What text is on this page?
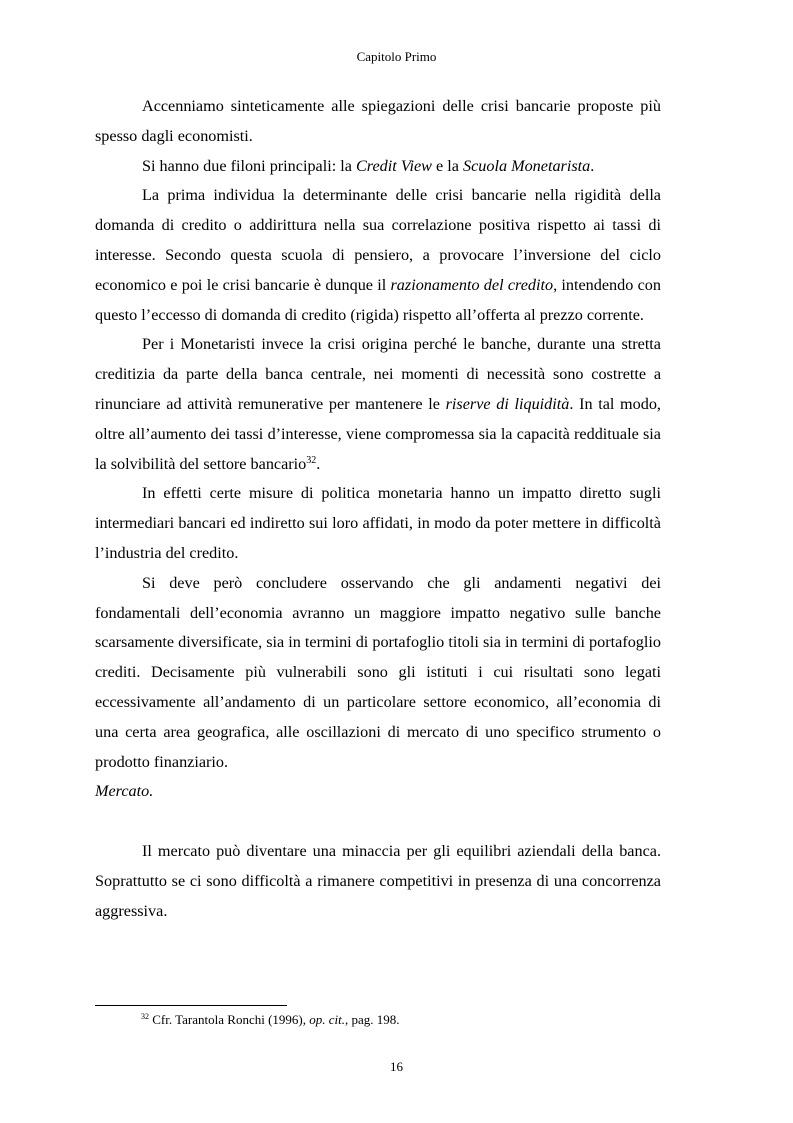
Capitolo Primo

Accenniamo sinteticamente alle spiegazioni delle crisi bancarie proposte più spesso dagli economisti.

Si hanno due filoni principali: la Credit View e la Scuola Monetarista.

La prima individua la determinante delle crisi bancarie nella rigidità della domanda di credito o addirittura nella sua correlazione positiva rispetto ai tassi di interesse. Secondo questa scuola di pensiero, a provocare l’inversione del ciclo economico e poi le crisi bancarie è dunque il razionamento del credito, intendendo con questo l’eccesso di domanda di credito (rigida) rispetto all’offerta al prezzo corrente.

Per i Monetaristi invece la crisi origina perché le banche, durante una stretta creditizia da parte della banca centrale, nei momenti di necessità sono costrette a rinunciare ad attività remunerative per mantenere le riserve di liquidità. In tal modo, oltre all’aumento dei tassi d’interesse, viene compromessa sia la capacità reddituale sia la solvibilità del settore bancario$^{32}$.

In effetti certe misure di politica monetaria hanno un impatto diretto sugli intermediari bancari ed indiretto sui loro affidati, in modo da poter mettere in difficoltà l’industria del credito.

Si deve però concludere osservando che gli andamenti negativi dei fondamentali dell’economia avranno un maggiore impatto negativo sulle banche scarsamente diversificate, sia in termini di portafoglio titoli sia in termini di portafoglio crediti. Decisamente più vulnerabili sono gli istituti i cui risultati sono legati eccessivamente all’andamento di un particolare settore economico, all’economia di una certa area geografica, alle oscillazioni di mercato di uno specifico strumento o prodotto finanziario.

Mercato.

Il mercato può diventare una minaccia per gli equilibri aziendali della banca. Soprattutto se ci sono difficoltà a rimanere competitivi in presenza di una concorrenza aggressiva.

$^{32}$ Cfr. Tarantola Ronchi (1996), op. cit., pag. 198.
16
